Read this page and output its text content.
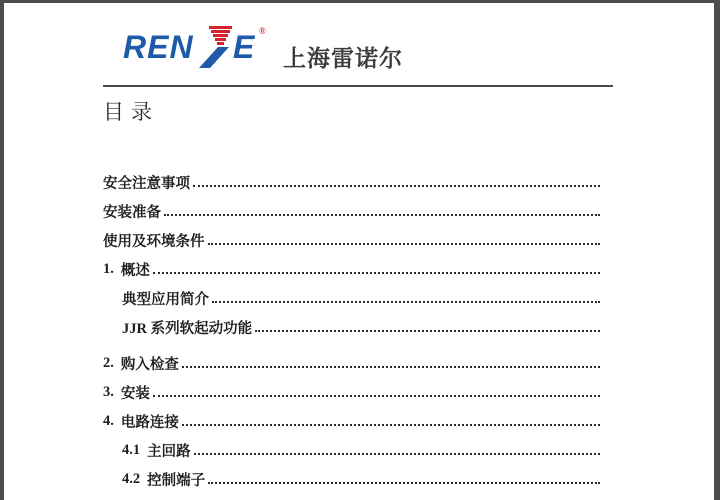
REN E ®
上海雷诺尔
目录
安全注意事项
安装准备
使用及环境条件
1. 概述
典型应用简介
JJR 系列软起动功能
2. 购入检查
3. 安装
4. 电路连接
4.1 主回路
4.2 控制端子
